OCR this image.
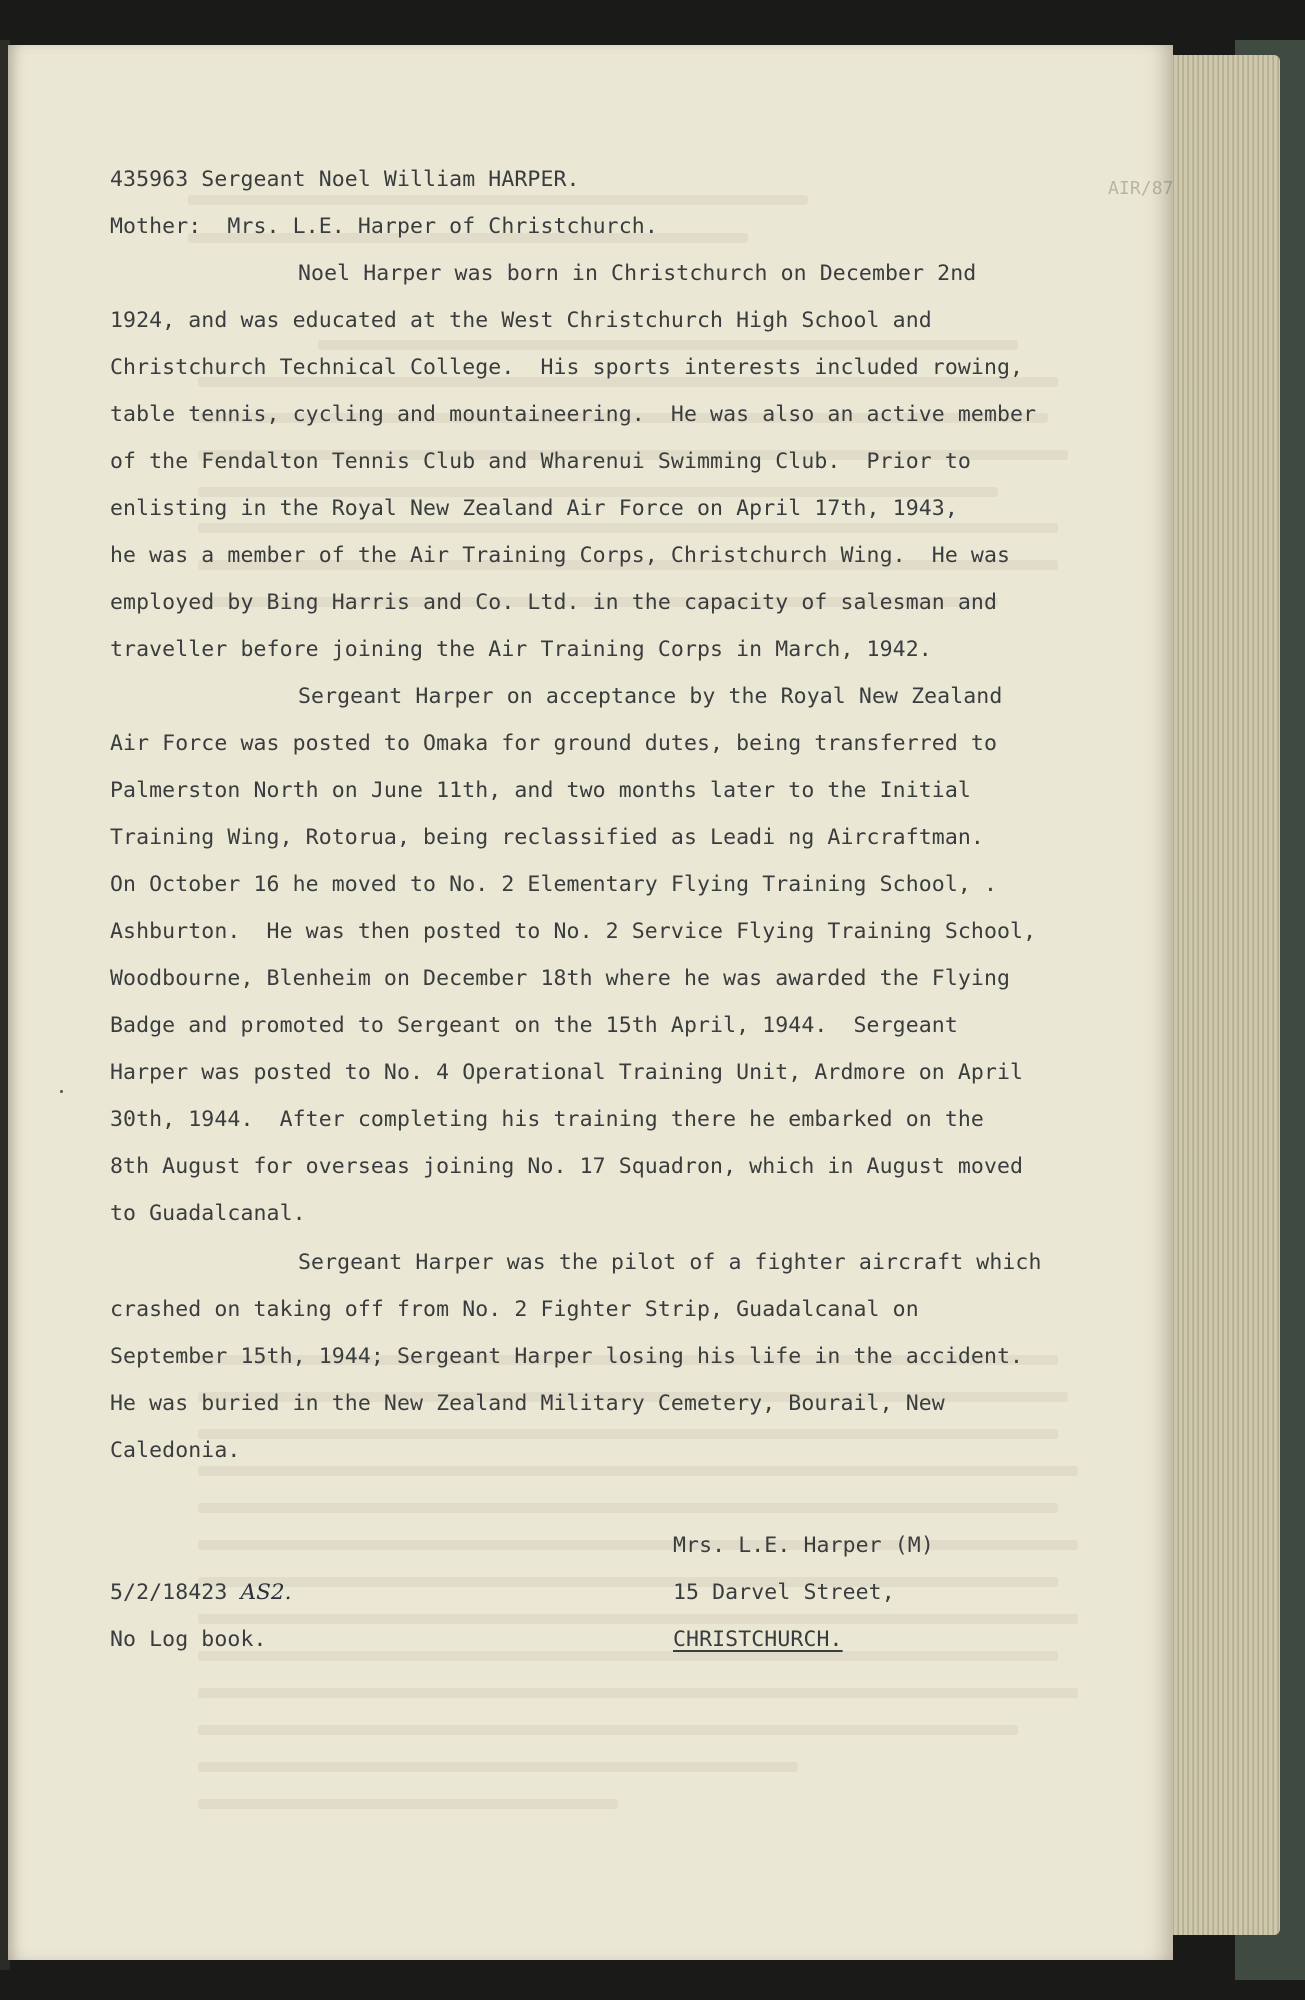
AIR/87
435963 Sergeant Noel William HARPER.
Mother: Mrs. L.E. Harper of Christchurch.
Noel Harper was born in Christchurch on December 2nd
1924, and was educated at the West Christchurch High School and
Christchurch Technical College.  His sports interests included rowing,
table tennis, cycling and mountaineering.  He was also an active member
of the Fendalton Tennis Club and Wharenui Swimming Club.  Prior to
enlisting in the Royal New Zealand Air Force on April 17th, 1943,
he was a member of the Air Training Corps, Christchurch Wing.  He was
employed by Bing Harris and Co. Ltd. in the capacity of salesman and
traveller before joining the Air Training Corps in March, 1942.
Sergeant Harper on acceptance by the Royal New Zealand
Air Force was posted to Omaka for ground dutes, being transferred to
Palmerston North on June 11th, and two months later to the Initial
Training Wing, Rotorua, being reclassified as Leadi ng Aircraftman.
On October 16 he moved to No. 2 Elementary Flying Training School, .
Ashburton.  He was then posted to No. 2 Service Flying Training School,
Woodbourne, Blenheim on December 18th where he was awarded the Flying
Badge and promoted to Sergeant on the 15th April, 1944.  Sergeant
Harper was posted to No. 4 Operational Training Unit, Ardmore on April
30th, 1944.  After completing his training there he embarked on the
8th August for overseas joining No. 17 Squadron, which in August moved
to Guadalcanal.
Sergeant Harper was the pilot of a fighter aircraft which
crashed on taking off from No. 2 Fighter Strip, Guadalcanal on
September 15th, 1944; Sergeant Harper losing his life in the accident.
He was buried in the New Zealand Military Cemetery, Bourail, New
Caledonia.
Mrs. L.E. Harper (M)
5/2/18423 AS2.	15 Darvel Street,
No Log book.	CHRISTCHURCH.
